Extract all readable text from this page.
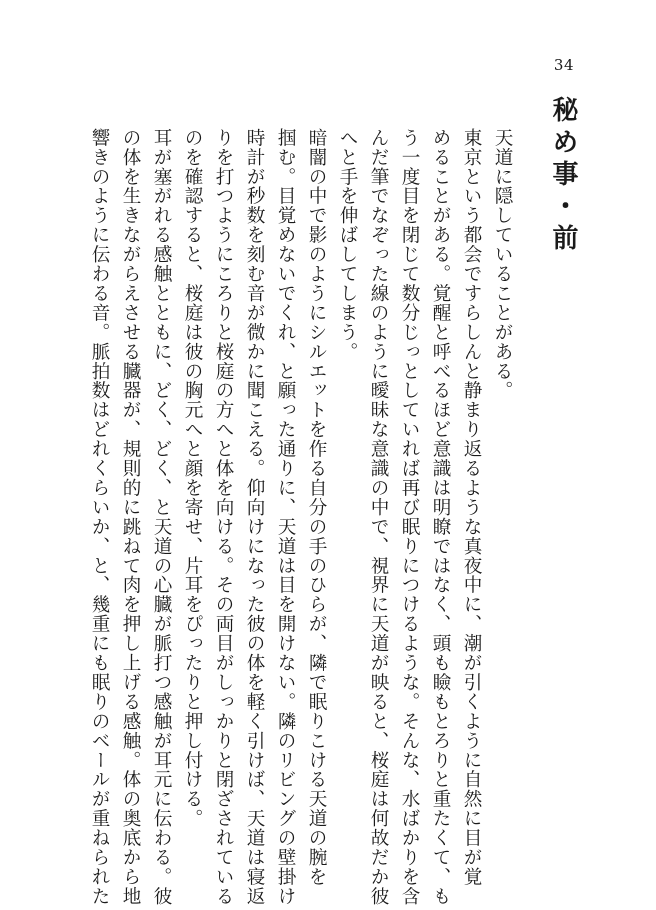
34
秘め事・前
天道に隠していることがある。
東京という都会ですらしんと静まり返るような真夜中に、潮が引くように自然に目が覚
めることがある。覚醒と呼べるほど意識は明瞭ではなく、頭も瞼もとろりと重たくて、も
う一度目を閉じて数分じっとしていれば再び眠りにつけるような。そんな、水ばかりを含
んだ筆でなぞった線のように曖昧な意識の中で、視界に天道が映ると、桜庭は何故だか彼
へと手を伸ばしてしまう。
暗闇の中で影のようにシルエットを作る自分の手のひらが、隣で眠りこける天道の腕を
掴む。目覚めないでくれ、と願った通りに、天道は目を開けない。隣のリビングの壁掛け
時計が秒数を刻む音が微かに聞こえる。仰向けになった彼の体を軽く引けば、天道は寝返
りを打つようにころりと桜庭の方へと体を向ける。その両目がしっかりと閉ざされている
のを確認すると、桜庭は彼の胸元へと顔を寄せ、片耳をぴったりと押し付ける。
耳が塞がれる感触とともに、どく、どく、と天道の心臓が脈打つ感触が耳元に伝わる。彼
の体を生きながらえさせる臓器が、規則的に跳ねて肉を押し上げる感触。体の奥底から地
響きのように伝わる音。脈拍数はどれくらいか、と、幾重にも眠りのベールが重ねられた
